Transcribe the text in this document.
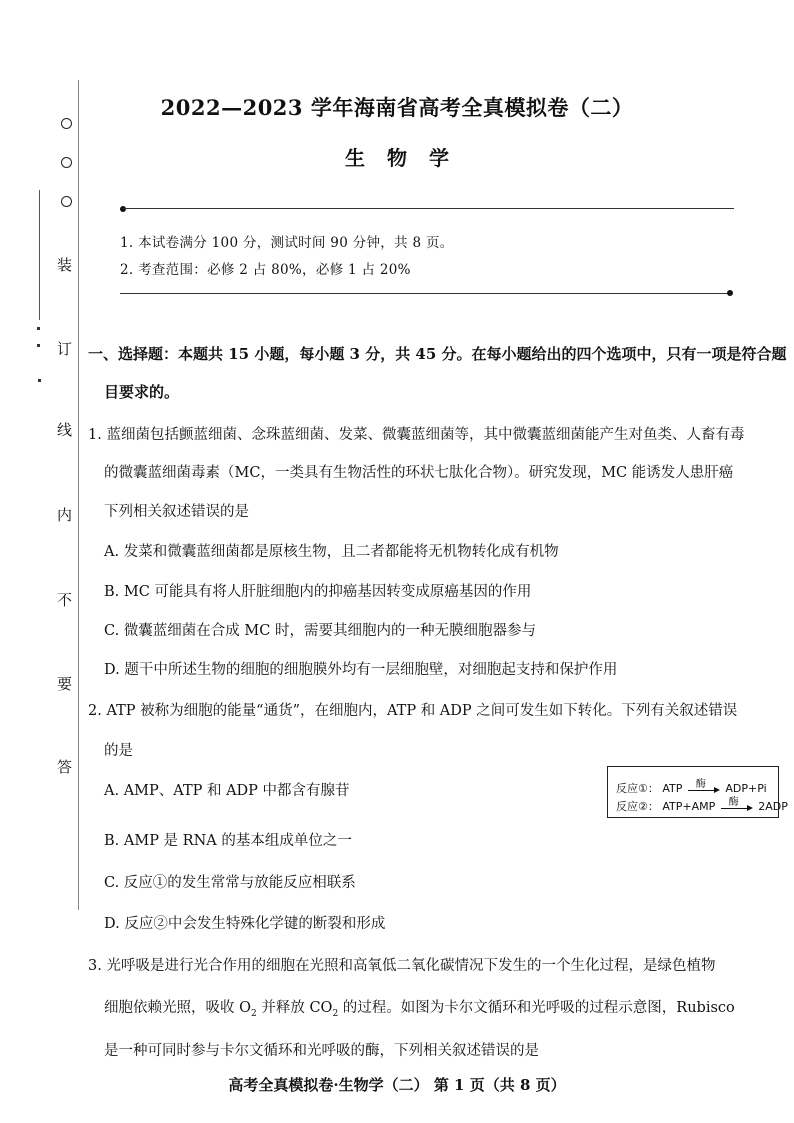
装
订
线
内
不
要
答
2022—2023 学年海南省高考全真模拟卷（二）
生物学
1. 本试卷满分 100 分，测试时间 90 分钟，共 8 页。
2. 考查范围：必修 2 占 80%，必修 1 占 20%
一、选择题：本题共 15 小题，每小题 3 分，共 45 分。在每小题给出的四个选项中，只有一项是符合题
目要求的。
1. 蓝细菌包括颤蓝细菌、念珠蓝细菌、发菜、微囊蓝细菌等，其中微囊蓝细菌能产生对鱼类、人畜有毒
的微囊蓝细菌毒素（MC，一类具有生物活性的环状七肽化合物）。研究发现，MC 能诱发人患肝癌
下列相关叙述错误的是
A. 发菜和微囊蓝细菌都是原核生物，且二者都能将无机物转化成有机物
B. MC 可能具有将人肝脏细胞内的抑癌基因转变成原癌基因的作用
C. 微囊蓝细菌在合成 MC 时，需要其细胞内的一种无膜细胞器参与
D. 题干中所述生物的细胞的细胞膜外均有一层细胞壁，对细胞起支持和保护作用
2. ATP 被称为细胞的能量“通货”，在细胞内，ATP 和 ADP 之间可发生如下转化。下列有关叙述错误
的是
A. AMP、ATP 和 ADP 中都含有腺苷
B. AMP 是 RNA 的基本组成单位之一
C. 反应①的发生常常与放能反应相联系
D. 反应②中会发生特殊化学键的断裂和形成
反应①： ATP 酶 ADP+Pi
反应②： ATP+AMP 酶 2ADP
3. 光呼吸是进行光合作用的细胞在光照和高氧低二氧化碳情况下发生的一个生化过程，是绿色植物
细胞依赖光照，吸收 $O_2$ 并释放 $CO_2$ 的过程。如图为卡尔文循环和光呼吸的过程示意图，Rubisco
是一种可同时参与卡尔文循环和光呼吸的酶，下列相关叙述错误的是
高考全真模拟卷·生物学（二） 第 1 页（共 8 页）
